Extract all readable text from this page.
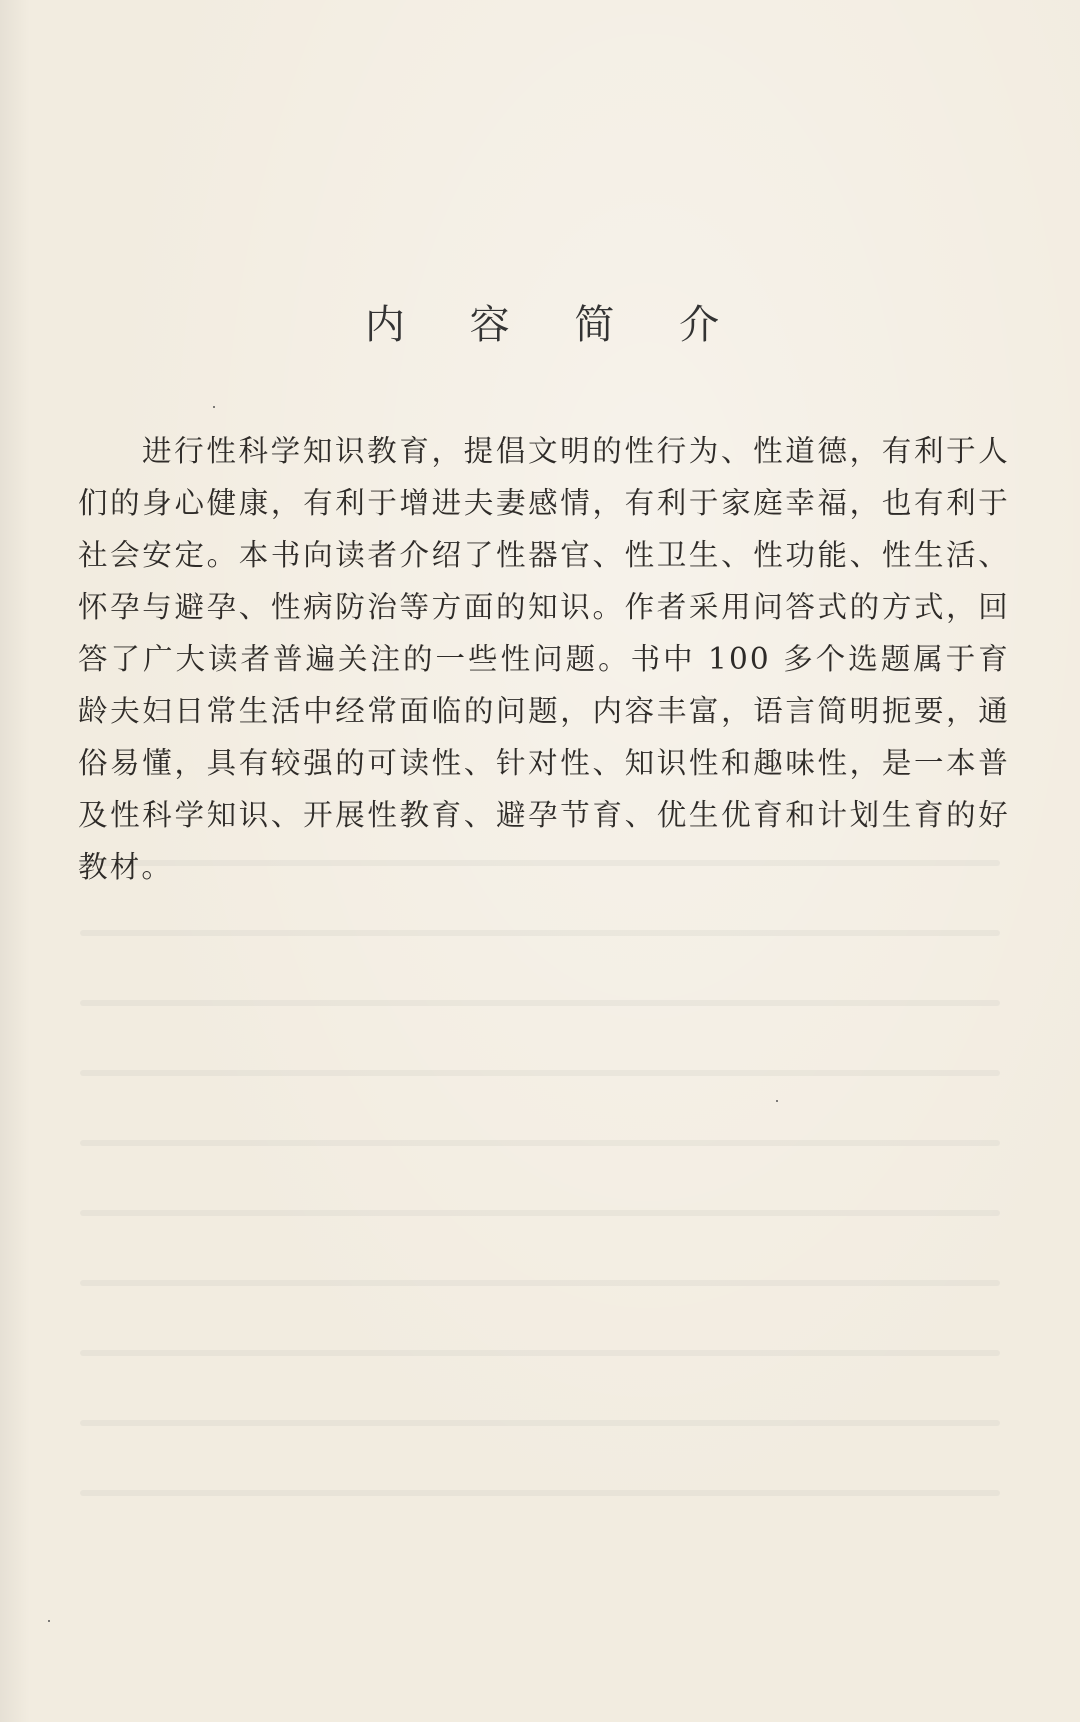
内 容 简 介

进行性科学知识教育，提倡文明的性行为、性道德，有利于人们的身心健康，有利于增进夫妻感情，有利于家庭幸福，也有利于社会安定。本书向读者介绍了性器官、性卫生、性功能、性生活、怀孕与避孕、性病防治等方面的知识。作者采用问答式的方式，回答了广大读者普遍关注的一些性问题。书中 100 多个选题属于育龄夫妇日常生活中经常面临的问题，内容丰富，语言简明扼要，通俗易懂，具有较强的可读性、针对性、知识性和趣味性，是一本普及性科学知识、开展性教育、避孕节育、优生优育和计划生育的好教材。
